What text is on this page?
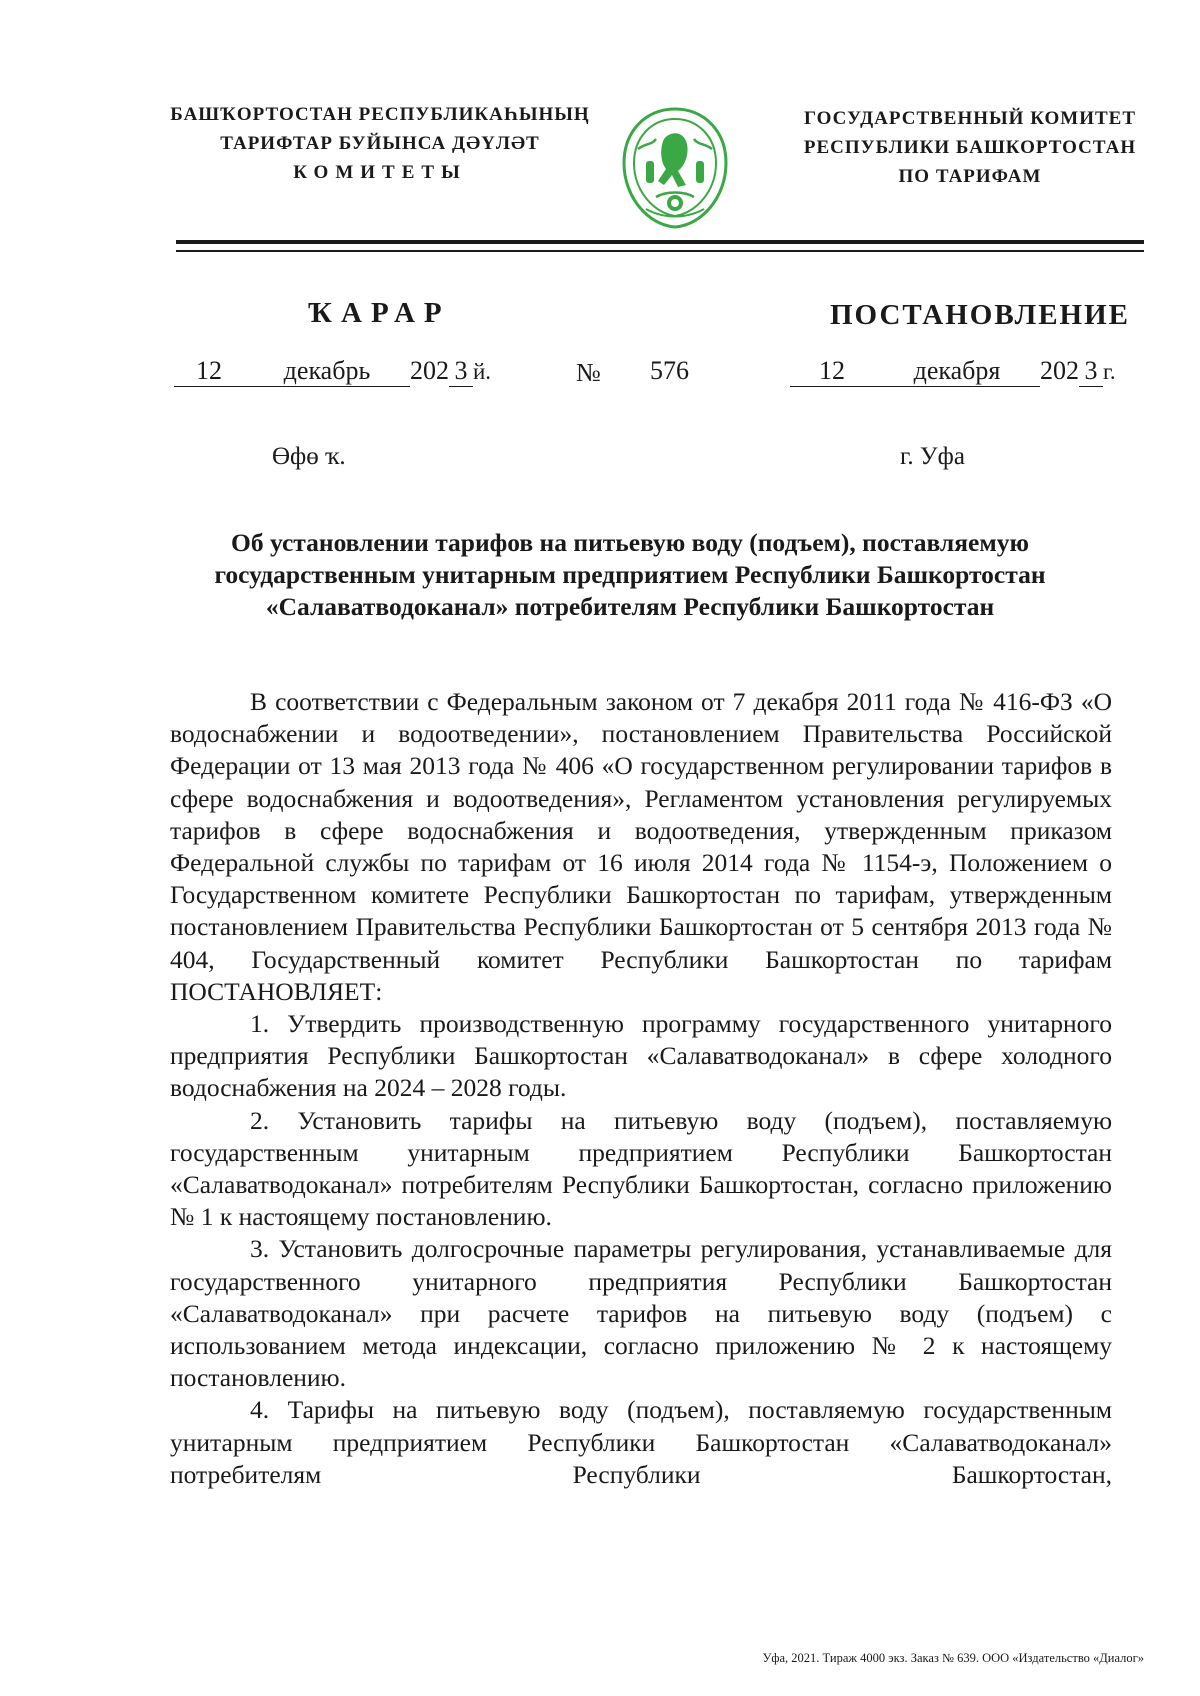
БАШҠОРТОСТАН РЕСПУБЛИКАҺЫНЫҢ
ТАРИФТАР БУЙЫНСА ДӘҮЛӘТ
КОМИТЕТЫ
ГОСУДАРСТВЕННЫЙ КОМИТЕТ
РЕСПУБЛИКИ БАШКОРТОСТАН
ПО ТАРИФАМ
ҠАРАР	ПОСТАНОВЛЕНИЕ
12 декабрь 202 3 й.	№ 576	12	декабря 202 3 г.
Өфө ҡ.	г. Уфа
Об установлении тарифов на питьевую воду (подъем), поставляемую
государственным унитарным предприятием Республики Башкортостан
«Салаватводоканал» потребителям Республики Башкортостан

В соответствии с Федеральным законом от 7 декабря 2011 года № 416-ФЗ «О водоснабжении и водоотведении», постановлением Правительства Российской Федерации от 13 мая 2013 года № 406 «О государственном регулировании тарифов в сфере водоснабжения и водоотведения», Регламентом установления регулируемых тарифов в сфере водоснабжения и водоотведения, утвержденным приказом Федеральной службы по тарифам от 16 июля 2014 года № 1154-э, Положением о Государственном комитете Республики Башкортостан по тарифам, утвержденным постановлением Правительства Республики Башкортостан от 5 сентября 2013 года № 404, Государственный комитет Республики Башкортостан по тарифам ПОСТАНОВЛЯЕТ:

1. Утвердить производственную программу государственного унитарного предприятия Республики Башкортостан «Салаватводоканал» в сфере холодного водоснабжения на 2024 – 2028 годы.

2. Установить тарифы на питьевую воду (подъем), поставляемую государственным унитарным предприятием Республики Башкортостан «Салаватводоканал» потребителям Республики Башкортостан, согласно приложению № 1 к настоящему постановлению.

3. Установить долгосрочные параметры регулирования, устанавливаемые для государственного унитарного предприятия Республики Башкортостан «Салаватводоканал» при расчете тарифов на питьевую воду (подъем) с использованием метода индексации, согласно приложению № 2 к настоящему постановлению.

4. Тарифы на питьевую воду (подъем), поставляемую государственным унитарным предприятием Республики Башкортостан «Салаватводоканал» потребителям Республики Башкортостан,

Уфа, 2021. Тираж 4000 экз. Заказ № 639. ООО «Издательство «Диалог»
